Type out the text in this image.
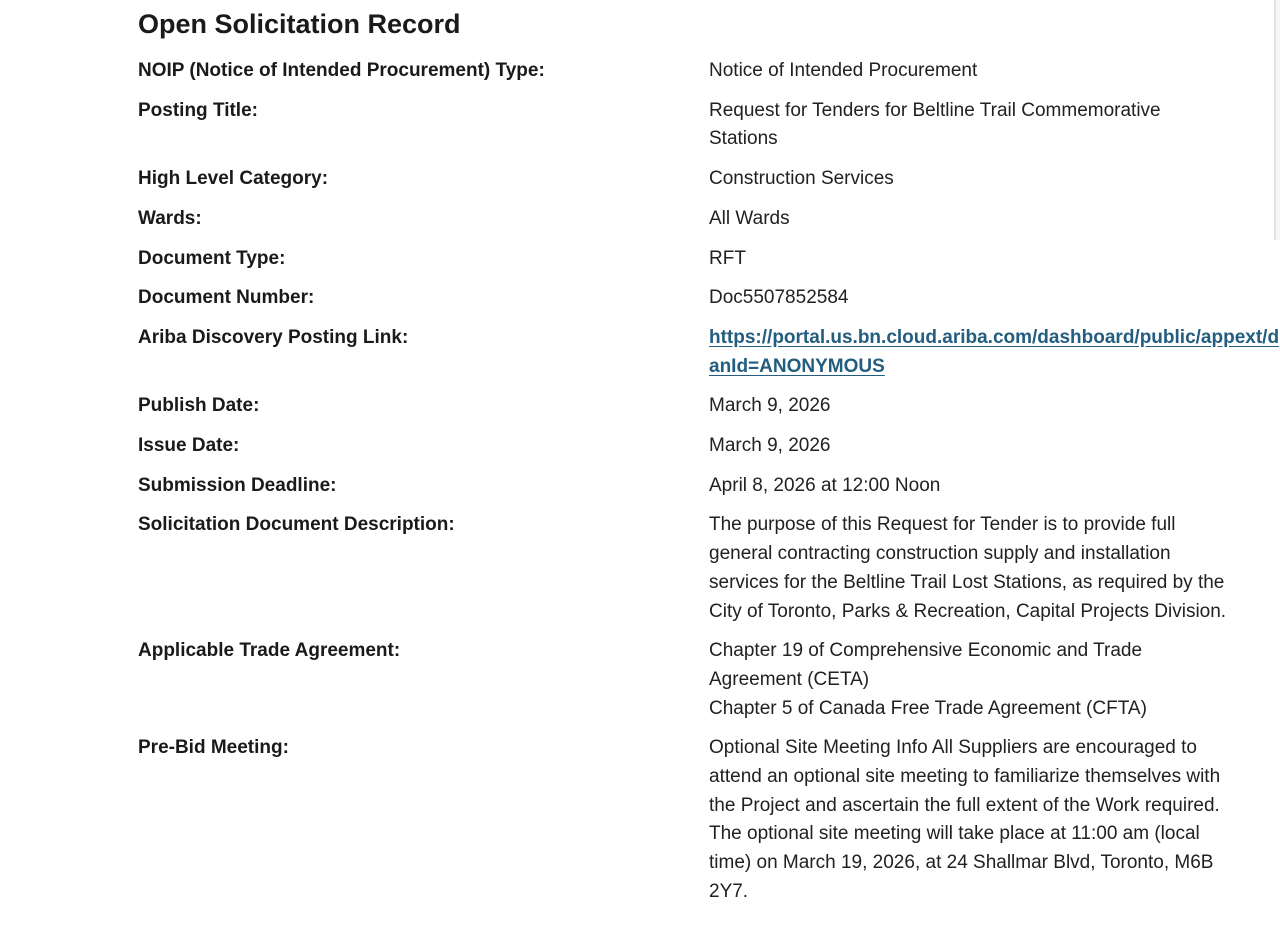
Open Solicitation Record
NOIP (Notice of Intended Procurement) Type:	Notice of Intended Procurement
Posting Title:	Request for Tenders for Beltline Trail Commemorative Stations
High Level Category:	Construction Services
Wards:	All Wards
Document Type:	RFT
Document Number:	Doc5507852584
Ariba Discovery Posting Link:	https://portal.us.bn.cloud.ariba.com/dashboard/public/appext/d
anId=ANONYMOUS
Publish Date:	March 9, 2026
Issue Date:	March 9, 2026
Submission Deadline:	April 8, 2026 at 12:00 Noon
Solicitation Document Description:	The purpose of this Request for Tender is to provide full general contracting construction supply and installation services for the Beltline Trail Lost Stations, as required by the City of Toronto, Parks & Recreation, Capital Projects Division.
Applicable Trade Agreement:	Chapter 19 of Comprehensive Economic and Trade Agreement (CETA)
Chapter 5 of Canada Free Trade Agreement (CFTA)
Pre-Bid Meeting:	Optional Site Meeting Info All Suppliers are encouraged to attend an optional site meeting to familiarize themselves with the Project and ascertain the full extent of the Work required. The optional site meeting will take place at 11:00 am (local time) on March 19, 2026, at 24 Shallmar Blvd, Toronto, M6B 2Y7.
